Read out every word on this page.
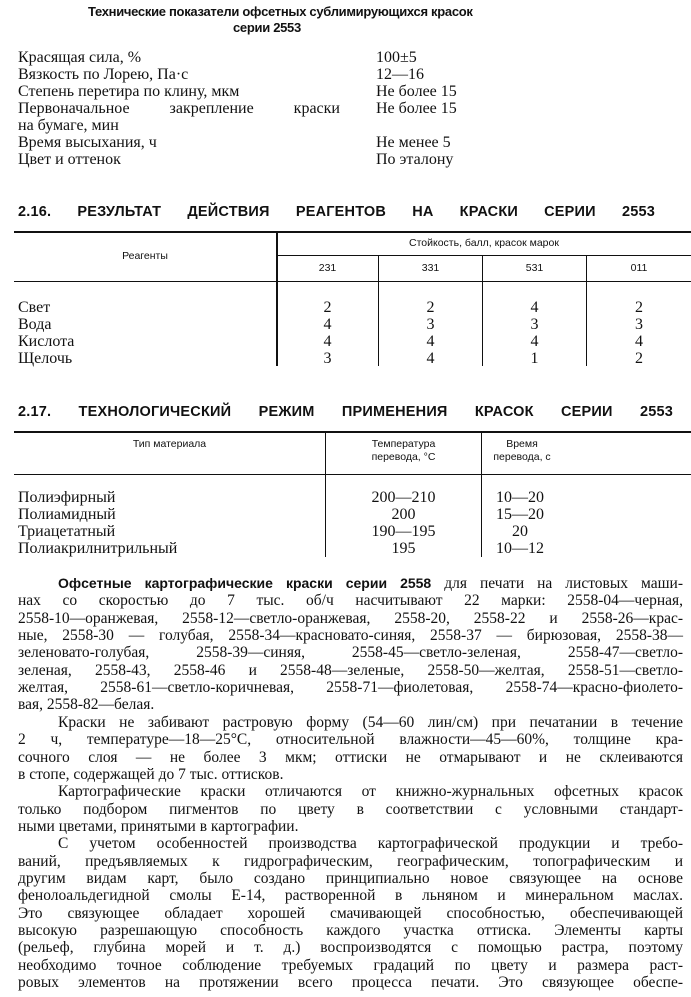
Технические показатели офсетных сублимирующихся красок
серии 2553
Красящая сила, %	100±5
Вязкость по Лорею, Па·с	12—16
Степень перетира по клину, мкм	Не более 15
Первоначальное закрепление краски Не более 15
на бумаге, мин
Время высыхания, ч	Не менее 5
Цвет и оттенок	По эталону
2.16. РЕЗУЛЬТАТ ДЕЙСТВИЯ РЕАГЕНТОВ НА КРАСКИ СЕРИИ 2553
Реагенты
Стойкость, балл, красок марок
231	331	531	011
Свет	2	2	4	2
Вода	4	3	3	3
Кислота	4	4	4	4
Щелочь	3	4	1	2
2.17. ТЕХНОЛОГИЧЕСКИЙ РЕЖИМ ПРИМЕНЕНИЯ КРАСОК СЕРИИ 2553
Тип материала	Температура
перевода, °С
Время
перевода, с
Полиэфирный	200—210	10—20
Полиамидный	200	15—20
Триацетатный	190—195	20
Полиакрилнитрильный	195	10—12
Офсетные картографические краски серии 2558 для печати на листовых маши-
нах со скоростью до 7 тыс. об/ч насчитывают 22 марки: 2558-04—черная,
2558-10—оранжевая, 2558-12—светло-оранжевая, 2558-20, 2558-22 и 2558-26—крас-
ные, 2558-30 — голубая, 2558-34—красновато-синяя, 2558-37 — бирюзовая, 2558-38—
зеленовато-голубая, 2558-39—синяя, 2558-45—светло-зеленая, 2558-47—светло-
зеленая, 2558-43, 2558-46 и 2558-48—зеленые, 2558-50—желтая, 2558-51—светло-
желтая, 2558-61—светло-коричневая, 2558-71—фиолетовая, 2558-74—красно-фиолето-
вая, 2558-82—белая.
Краски не забивают растровую форму (54—60 лин/см) при печатании в течение
2 ч, температуре—18—25°С, относительной влажности—45—60%, толщине кра-
сочного слоя — не более 3 мкм; оттиски не отмарывают и не склеиваются
в стопе, содержащей до 7 тыс. оттисков.
Картографические краски отличаются от книжно-журнальных офсетных красок
только подбором пигментов по цвету в соответствии с условными стандарт-
ными цветами, принятыми в картографии.
С учетом особенностей производства картографической продукции и требо-
ваний, предъявляемых к гидрографическим, географическим, топографическим и
другим видам карт, было создано принципиально новое связующее на основе
фенолоальдегидной смолы Е-14, растворенной в льняном и минеральном маслах.
Это связующее обладает хорошей смачивающей способностью, обеспечивающей
высокую разрешающую способность каждого участка оттиска. Элементы карты
(рельеф, глубина морей и т. д.) воспроизводятся с помощью растра, поэтому
необходимо точное соблюдение требуемых градаций по цвету и размера раст-
ровых элементов на протяжении всего процесса печати. Это связующее обеспе-
